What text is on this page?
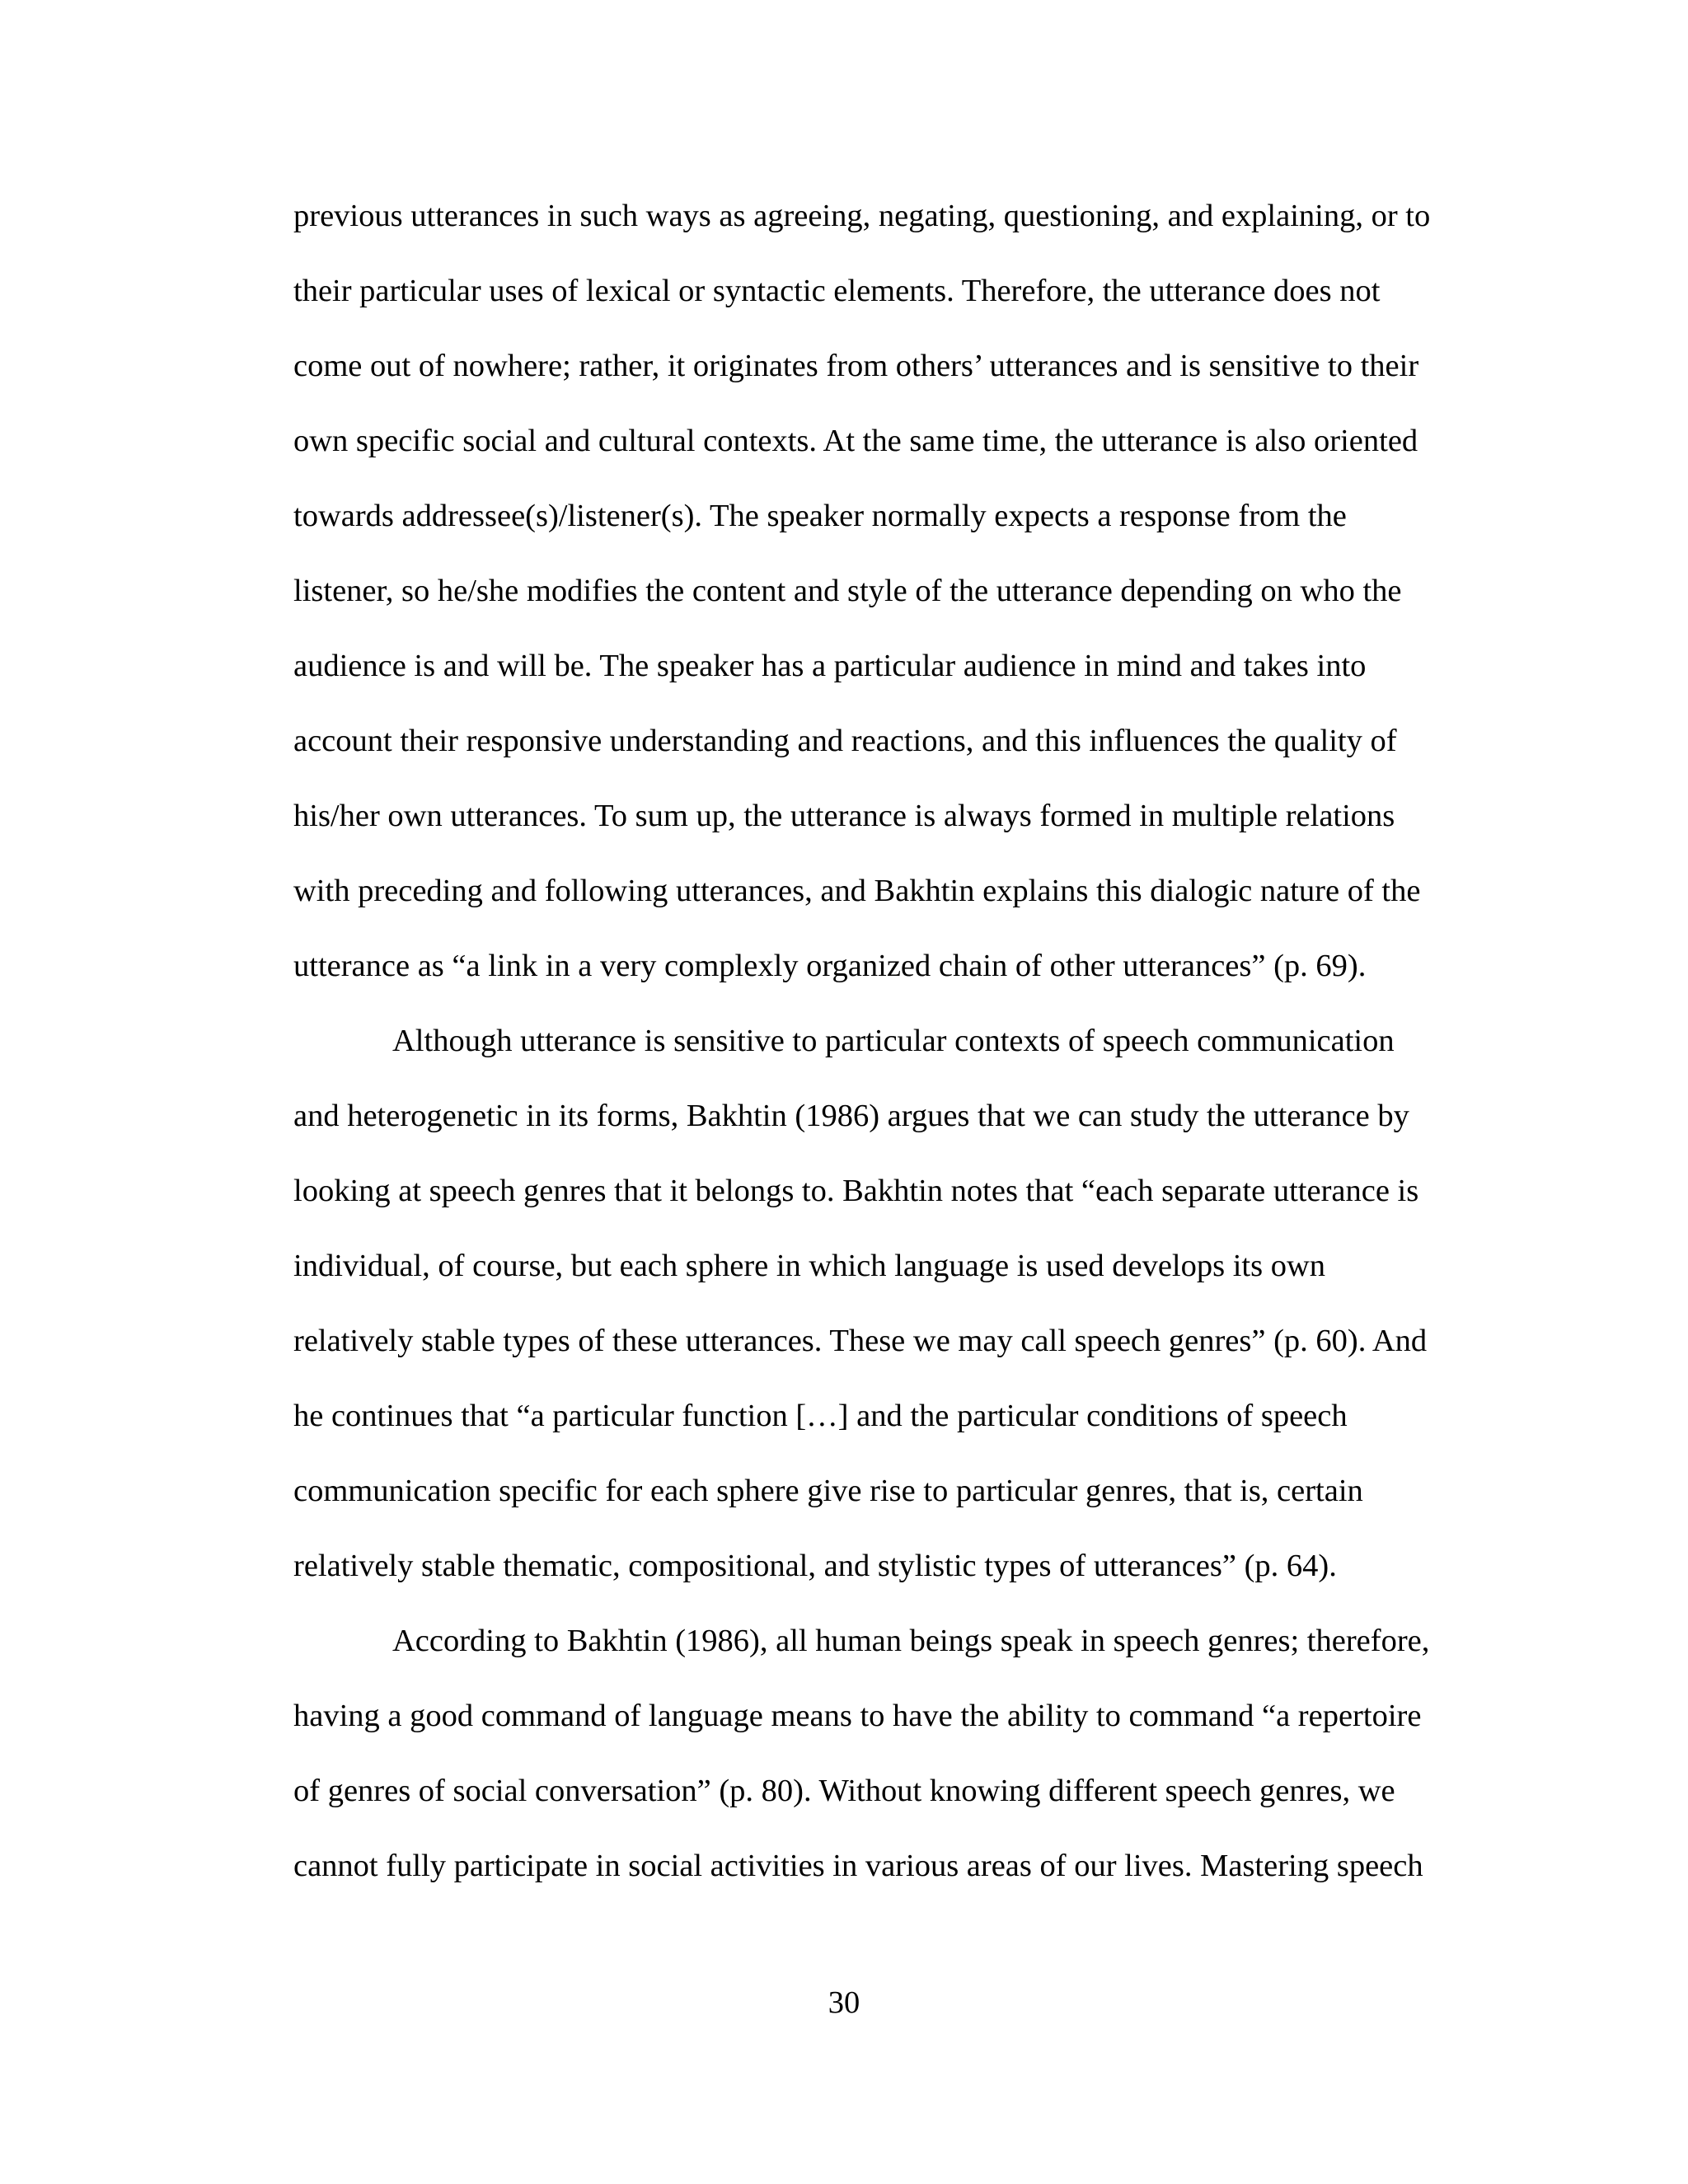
previous utterances in such ways as agreeing, negating, questioning, and explaining, or to
their particular uses of lexical or syntactic elements. Therefore, the utterance does not
come out of nowhere; rather, it originates from others’ utterances and is sensitive to their
own specific social and cultural contexts. At the same time, the utterance is also oriented
towards addressee(s)/listener(s). The speaker normally expects a response from the
listener, so he/she modifies the content and style of the utterance depending on who the
audience is and will be. The speaker has a particular audience in mind and takes into
account their responsive understanding and reactions, and this influences the quality of
his/her own utterances. To sum up, the utterance is always formed in multiple relations
with preceding and following utterances, and Bakhtin explains this dialogic nature of the
utterance as “a link in a very complexly organized chain of other utterances” (p. 69).
Although utterance is sensitive to particular contexts of speech communication
and heterogenetic in its forms, Bakhtin (1986) argues that we can study the utterance by
looking at speech genres that it belongs to. Bakhtin notes that “each separate utterance is
individual, of course, but each sphere in which language is used develops its own
relatively stable types of these utterances. These we may call speech genres” (p. 60). And
he continues that “a particular function […] and the particular conditions of speech
communication specific for each sphere give rise to particular genres, that is, certain
relatively stable thematic, compositional, and stylistic types of utterances” (p. 64).
According to Bakhtin (1986), all human beings speak in speech genres; therefore,
having a good command of language means to have the ability to command “a repertoire
of genres of social conversation” (p. 80). Without knowing different speech genres, we
cannot fully participate in social activities in various areas of our lives. Mastering speech
30
